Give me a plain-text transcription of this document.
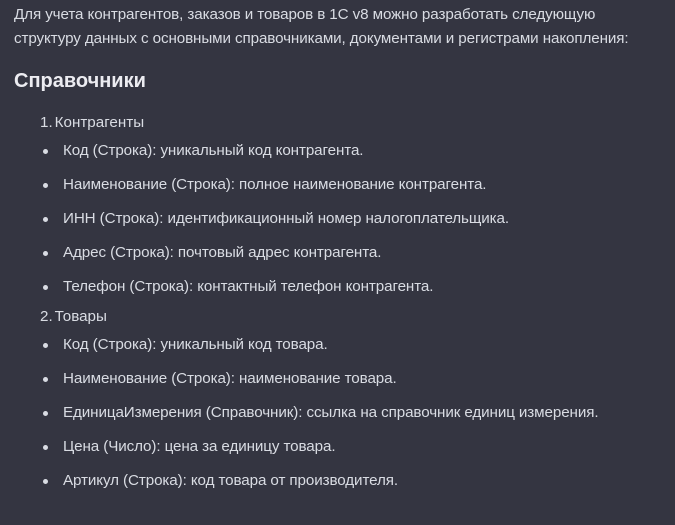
Для учета контрагентов, заказов и товаров в 1С v8 можно разработать следующую структуру данных с основными справочниками, документами и регистрами накопления:

Справочники
1. Контрагенты
Код (Строка): уникальный код контрагента.
Наименование (Строка): полное наименование контрагента.
ИНН (Строка): идентификационный номер налогоплательщика.
Адрес (Строка): почтовый адрес контрагента.
Телефон (Строка): контактный телефон контрагента.
2. Товары
Код (Строка): уникальный код товара.
Наименование (Строка): наименование товара.
ЕдиницаИзмерения (Справочник): ссылка на справочник единиц измерения.
Цена (Число): цена за единицу товара.
Артикул (Строка): код товара от производителя.
